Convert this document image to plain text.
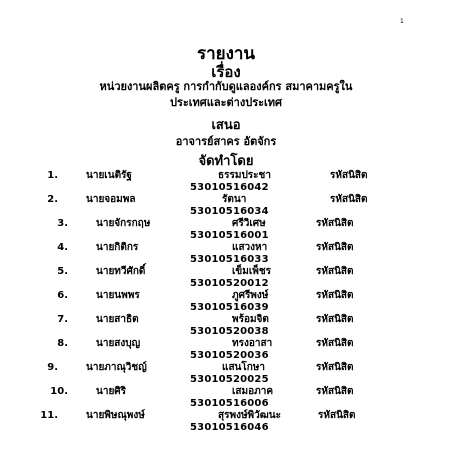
1
รายงาน
เรื่อง
หน่วยงานผลิตครู การกำกับดูแลองค์กร สมาคามครูใน
ประเทศและต่างประเทศ
เสนอ
อาจารย์สาคร อัตจักร
จัดทำโดย
1.	นายเนติรัฐ	ธรรมประชา	รหัสนิสิต
53010516042
2.	นายจอมพล	รัตนา	รหัสนิสิต
53010516034
3.	นายจักรกฤษ	ศรีวิเศษ	รหัสนิสิต
53010516001
4.	นายกิติกร	แสวงหา	รหัสนิสิต
53010516033
5.	นายทวีศักดิ์	เข็มเพ็ชร	รหัสนิสิต
53010520012
6.	นายนพพร	ภูศรีพงษ์	รหัสนิสิต
53010516039
7.	นายสาธิต	พร้อมจิต	รหัสนิสิต
53010520038
8.	นายสงบุญ	ทรงอาสา	รหัสนิสิต
53010520036
9.	นายภาณุวิชญ์	แสนโกษา	รหัสนิสิต
53010520025
10.	นายศิริ	เสมอภาค	รหัสนิสิต
53010516006
11.	นายพิษณุพงษ์	สุรพงษ์พิวัฒนะ	รหัสนิสิต
53010516046
